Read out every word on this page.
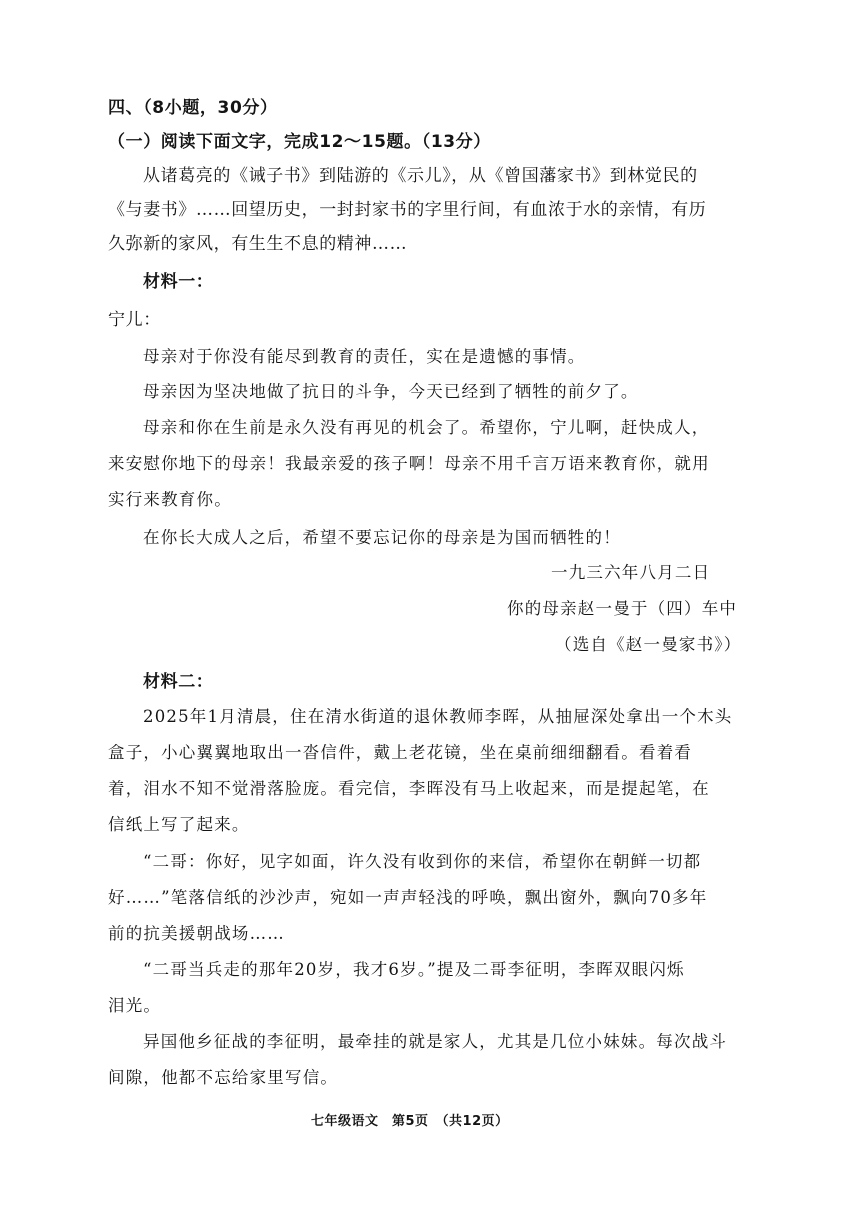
四、（8小题，30分）
（一）阅读下面文字，完成12～15题。（13分）
从诸葛亮的《诫子书》到陆游的《示儿》，从《曾国藩家书》到林觉民的
《与妻书》……回望历史，一封封家书的字里行间，有血浓于水的亲情，有历
久弥新的家风，有生生不息的精神……
材料一：
宁儿：
母亲对于你没有能尽到教育的责任，实在是遗憾的事情。
母亲因为坚决地做了抗日的斗争，今天已经到了牺牲的前夕了。
母亲和你在生前是永久没有再见的机会了。希望你，宁儿啊，赶快成人，
来安慰你地下的母亲！我最亲爱的孩子啊！母亲不用千言万语来教育你，就用
实行来教育你。
在你长大成人之后，希望不要忘记你的母亲是为国而牺牲的！
一九三六年八月二日
你的母亲赵一曼于（四）车中
（选自《赵一曼家书》）
材料二：
2025年1月清晨，住在清水街道的退休教师李晖，从抽屉深处拿出一个木头
盒子，小心翼翼地取出一沓信件，戴上老花镜，坐在桌前细细翻看。看着看
着，泪水不知不觉滑落脸庞。看完信，李晖没有马上收起来，而是提起笔，在
信纸上写了起来。
“二哥：你好，见字如面，许久没有收到你的来信，希望你在朝鲜一切都
好……”笔落信纸的沙沙声，宛如一声声轻浅的呼唤，飘出窗外，飘向70多年
前的抗美援朝战场……
“二哥当兵走的那年20岁，我才6岁。”提及二哥李征明，李晖双眼闪烁
泪光。
异国他乡征战的李征明，最牵挂的就是家人，尤其是几位小妹妹。每次战斗
间隙，他都不忘给家里写信。
七年级语文　第5页　（共12页）
